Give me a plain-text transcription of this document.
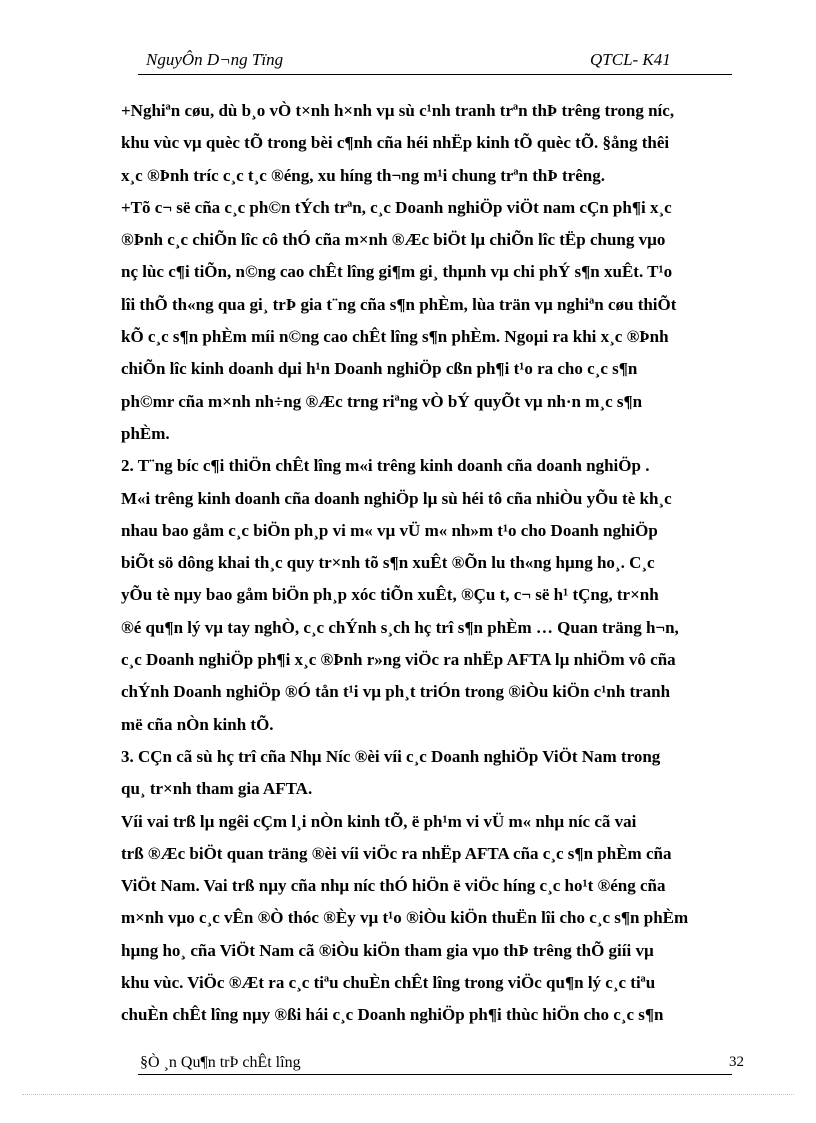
NguyÔn D¬ng Tïng	QTCL- K41

+Nghiªn cøu, dù b¸o vÒ t×nh h×nh vµ sù c¹nh tranh trªn thÞ trêng trong níc,

khu vùc vµ quèc tÕ trong bèi c¶nh cña héi nhËp kinh tÕ quèc tÕ. §ång thêi

x¸c ®Þnh tríc c¸c t¸c ®éng, xu híng th¬ng m¹i chung trªn thÞ trêng.

+Tõ c¬ së cña c¸c ph©n tÝch trªn, c¸c Doanh nghiÖp viÖt nam cÇn ph¶i x¸c

®Þnh c¸c chiÕn lîc cô thÓ cña m×nh ®Æc biÖt lµ chiÕn lîc tËp chung vµo

nç lùc c¶i tiÕn, n©ng cao chÊt lîng gi¶m gi¸ thµnh vµ chi phÝ s¶n xuÊt. T¹o

lîi thÕ th«ng qua gi¸ trÞ gia t¨ng cña s¶n phÈm, lùa trän vµ nghiªn cøu thiÕt

kÕ c¸c s¶n phÈm míi n©ng cao chÊt lîng s¶n phÈm. Ngoµi ra khi x¸c ®Þnh

chiÕn lîc kinh doanh dµi h¹n Doanh nghiÖp cßn ph¶i t¹o ra cho c¸c s¶n

ph©mr cña m×nh nh÷ng ®Æc trng riªng vÒ bÝ quyÕt vµ nh·n m¸c s¶n

phÈm.

2. T¨ng bíc c¶i thiÖn chÊt lîng m«i trêng kinh doanh cña doanh nghiÖp .

M«i trêng kinh doanh cña doanh nghiÖp lµ sù héi tô cña nhiÒu yÕu tè kh¸c

nhau bao gåm c¸c biÖn ph¸p vi m« vµ vÜ m« nh»m t¹o cho Doanh nghiÖp

biÕt sö dông khai th¸c quy tr×nh tõ s¶n xuÊt ®Õn lu th«ng hµng ho¸. C¸c

yÕu tè nµy bao gåm biÖn ph¸p xóc tiÕn xuÊt, ®Çu t, c¬ së h¹ tÇng, tr×nh

®é qu¶n lý vµ tay nghÒ, c¸c chÝnh s¸ch hç trî s¶n phÈm … Quan träng h¬n,

c¸c Doanh nghiÖp ph¶i x¸c ®Þnh r»ng viÖc ra nhËp AFTA lµ nhiÖm vô cña

chÝnh Doanh nghiÖp ®Ó tån t¹i vµ ph¸t triÓn trong ®iÒu kiÖn c¹nh tranh

më cña nÒn kinh tÕ.

3. CÇn cã sù hç trî cña Nhµ Níc ®èi víi c¸c Doanh nghiÖp ViÖt Nam trong

qu¸ tr×nh tham gia AFTA.

Víi vai trß lµ ngêi cÇm l¸i nÒn kinh tÕ, ë ph¹m vi vÜ m« nhµ níc cã vai

trß ®Æc biÖt quan träng ®èi víi viÖc ra nhËp AFTA cña c¸c s¶n phÈm cña

ViÖt Nam. Vai trß nµy cña nhµ níc thÓ hiÖn ë viÖc híng c¸c ho¹t ®éng cña

m×nh vµo c¸c vÊn ®Ò thóc ®Èy vµ t¹o ®iÒu kiÖn thuËn lîi cho c¸c s¶n phÈm

hµng ho¸ cña ViÖt Nam cã ®iÒu kiÖn tham gia vµo thÞ trêng thÕ giíi vµ

khu vùc. ViÖc ®Æt ra c¸c tiªu chuÈn chÊt lîng trong viÖc qu¶n lý c¸c tiªu

chuÈn chÊt lîng nµy ®ßi hái c¸c Doanh nghiÖp ph¶i thùc hiÖn cho c¸c s¶n

§Ò ¸n Qu¶n trÞ chÊt lîng	32
